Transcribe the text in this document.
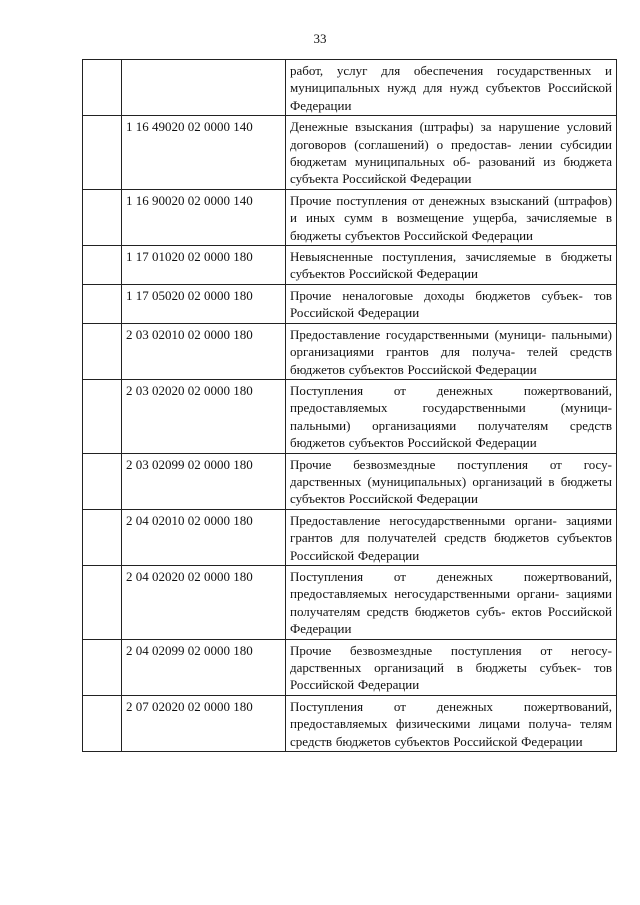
33
		работ, услуг для обеспечения государственных и муниципальных нужд для нужд субъектов Российской Федерации
	1 16 49020 02 0000 140	Денежные взыскания (штрафы) за нарушение условий договоров (соглашений) о предостав- лении субсидии бюджетам муниципальных об- разований из бюджета субъекта Российской Федерации
	1 16 90020 02 0000 140	Прочие поступления от денежных взысканий (штрафов) и иных сумм в возмещение ущерба, зачисляемые в бюджеты субъектов Российской Федерации
	1 17 01020 02 0000 180	Невыясненные поступления, зачисляемые в бюджеты субъектов Российской Федерации
	1 17 05020 02 0000 180	Прочие неналоговые доходы бюджетов субъек- тов Российской Федерации
	2 03 02010 02 0000 180	Предоставление государственными (муници- пальными) организациями грантов для получа- телей средств бюджетов субъектов Российской Федерации
	2 03 02020 02 0000 180	Поступления от денежных пожертвований, предоставляемых государственными (муници- пальными) организациями получателям средств бюджетов субъектов Российской Федерации
	2 03 02099 02 0000 180	Прочие безвозмездные поступления от госу- дарственных (муниципальных) организаций в бюджеты субъектов Российской Федерации
	2 04 02010 02 0000 180	Предоставление негосударственными органи- зациями грантов для получателей средств бюджетов субъектов Российской Федерации
	2 04 02020 02 0000 180	Поступления от денежных пожертвований, предоставляемых негосударственными органи- зациями получателям средств бюджетов субъ- ектов Российской Федерации
	2 04 02099 02 0000 180	Прочие безвозмездные поступления от негосу- дарственных организаций в бюджеты субъек- тов Российской Федерации
	2 07 02020 02 0000 180	Поступления от денежных пожертвований, предоставляемых физическими лицами получа- телям средств бюджетов субъектов Российской Федерации
